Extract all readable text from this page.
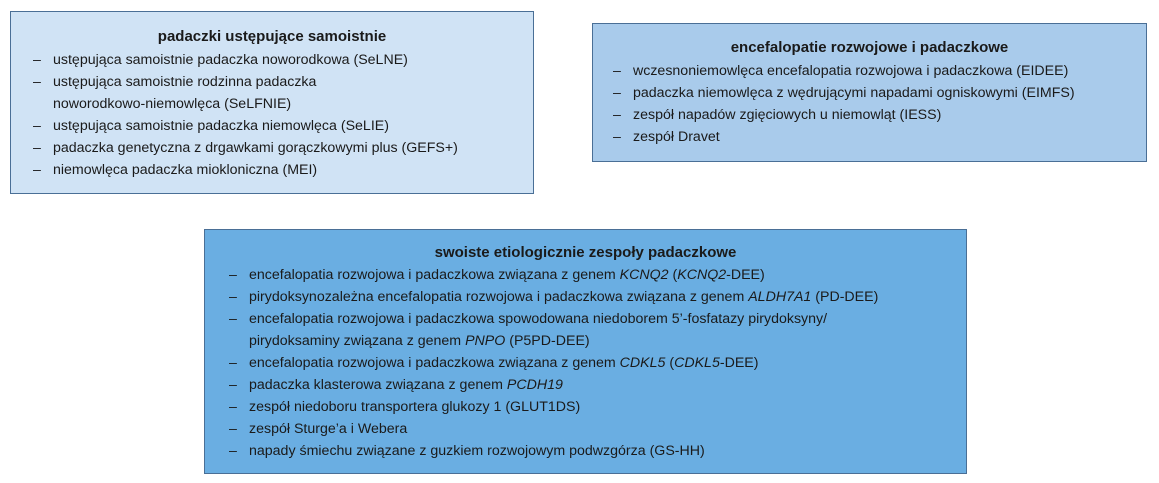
padaczki ustępujące samoistnie
– ustępująca samoistnie padaczka noworodkowa (SeLNE)
– ustępująca samoistnie rodzinna padaczka
noworodkowo-niemowlęca (SeLFNIE)
– ustępująca samoistnie padaczka niemowlęca (SeLIE)
– padaczka genetyczna z drgawkami gorączkowymi plus (GEFS+)
– niemowlęca padaczka miokloniczna (MEI)
encefalopatie rozwojowe i padaczkowe
– wczesnoniemowlęca encefalopatia rozwojowa i padaczkowa (EIDEE)
– padaczka niemowlęca z wędrującymi napadami ogniskowymi (EIMFS)
– zespół napadów zgięciowych u niemowląt (IESS)
– zespół Dravet
swoiste etiologicznie zespoły padaczkowe
– encefalopatia rozwojowa i padaczkowa związana z genem KCNQ2 (KCNQ2-DEE)
– pirydoksynozależna encefalopatia rozwojowa i padaczkowa związana z genem ALDH7A1 (PD-DEE)
– encefalopatia rozwojowa i padaczkowa spowodowana niedoborem 5’-fosfatazy pirydoksyny/
pirydoksaminy związana z genem PNPO (P5PD-DEE)
– encefalopatia rozwojowa i padaczkowa związana z genem CDKL5 (CDKL5-DEE)
– padaczka klasterowa związana z genem PCDH19
– zespół niedoboru transportera glukozy 1 (GLUT1DS)
– zespół Sturge’a i Webera
– napady śmiechu związane z guzkiem rozwojowym podwzgórza (GS-HH)
